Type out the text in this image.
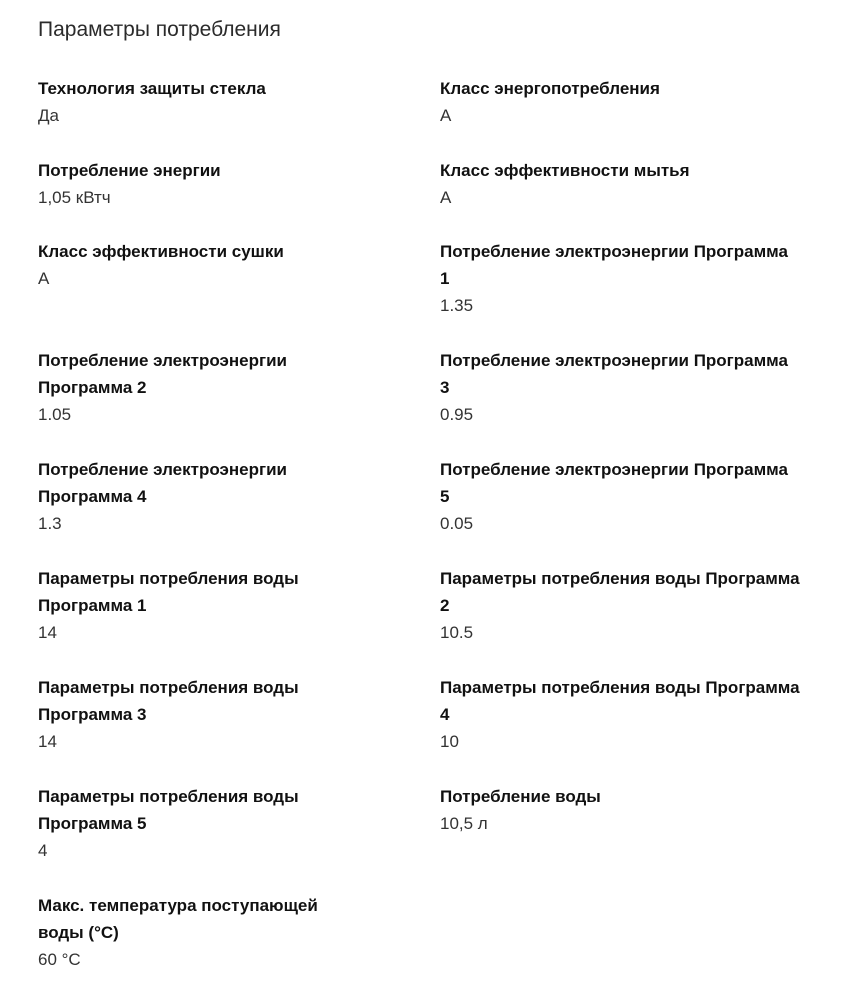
Параметры потребления
Технология защиты стекла
Да
Класс энергопотребления
A
Потребление энергии
1,05 кВтч
Класс эффективности мытья
A
Класс эффективности сушки
A
Потребление электроэнергии Программа
1
1.35
Потребление электроэнергии
Программа 2
1.05
Потребление электроэнергии Программа
3
0.95
Потребление электроэнергии
Программа 4
1.3
Потребление электроэнергии Программа
5
0.05
Параметры потребления воды
Программа 1
14
Параметры потребления воды Программа
2
10.5
Параметры потребления воды
Программа 3
14
Параметры потребления воды Программа
4
10
Параметры потребления воды
Программа 5
4
Потребление воды
10,5 л
Макс. температура поступающей
воды (°C)
60 °C
